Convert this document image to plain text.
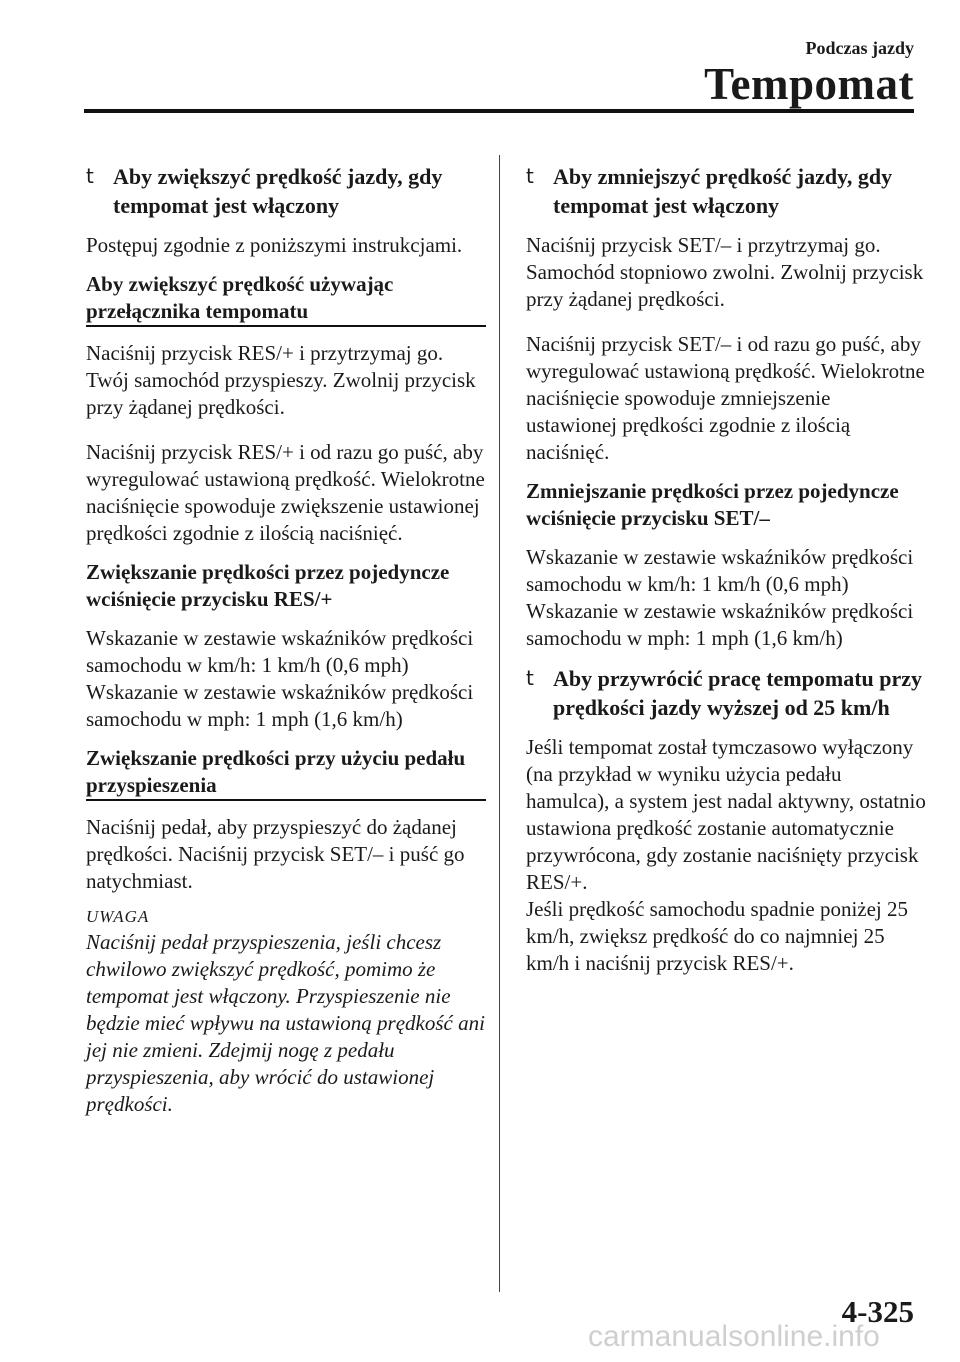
Podczas jazdy
Tempomat
t Aby zwiększyć prędkość jazdy, gdy tempomat jest włączony

Postępuj zgodnie z poniższymi instrukcjami.

Aby zwiększyć prędkość używając przełącznika tempomatu

Naciśnij przycisk RES/+ i przytrzymaj go. Twój samochód przyspieszy. Zwolnij przycisk przy żądanej prędkości.

Naciśnij przycisk RES/+ i od razu go puść, aby wyregulować ustawioną prędkość. Wielokrotne naciśnięcie spowoduje zwiększenie ustawionej prędkości zgodnie z ilością naciśnięć.

Zwiększanie prędkości przez pojedyncze wciśnięcie przycisku RES/+

Wskazanie w zestawie wskaźników prędkości samochodu w km/h: 1 km/h (0,6 mph)

Wskazanie w zestawie wskaźników prędkości samochodu w mph: 1 mph (1,6 km/h)

Zwiększanie prędkości przy użyciu pedału przyspieszenia

Naciśnij pedał, aby przyspieszyć do żądanej prędkości. Naciśnij przycisk SET/– i puść go natychmiast.

UWAGA

Naciśnij pedał przyspieszenia, jeśli chcesz chwilowo zwiększyć prędkość, pomimo że tempomat jest włączony. Przyspieszenie nie będzie mieć wpływu na ustawioną prędkość ani jej nie zmieni. Zdejmij nogę z pedału przyspieszenia, aby wrócić do ustawionej prędkości.

t Aby zmniejszyć prędkość jazdy, gdy tempomat jest włączony

Naciśnij przycisk SET/– i przytrzymaj go. Samochód stopniowo zwolni. Zwolnij przycisk przy żądanej prędkości.

Naciśnij przycisk SET/– i od razu go puść, aby wyregulować ustawioną prędkość. Wielokrotne naciśnięcie spowoduje zmniejszenie ustawionej prędkości zgodnie z ilością naciśnięć.

Zmniejszanie prędkości przez pojedyncze wciśnięcie przycisku SET/–

Wskazanie w zestawie wskaźników prędkości samochodu w km/h: 1 km/h (0,6 mph)

Wskazanie w zestawie wskaźników prędkości samochodu w mph: 1 mph (1,6 km/h)

t Aby przywrócić pracę tempomatu przy prędkości jazdy wyższej od 25 km/h

Jeśli tempomat został tymczasowo wyłączony (na przykład w wyniku użycia pedału hamulca), a system jest nadal aktywny, ostatnio ustawiona prędkość zostanie automatycznie przywrócona, gdy zostanie naciśnięty przycisk RES/+.

Jeśli prędkość samochodu spadnie poniżej 25 km/h, zwiększ prędkość do co najmniej 25 km/h i naciśnij przycisk RES/+.

4-325
carmanualsonline.info
